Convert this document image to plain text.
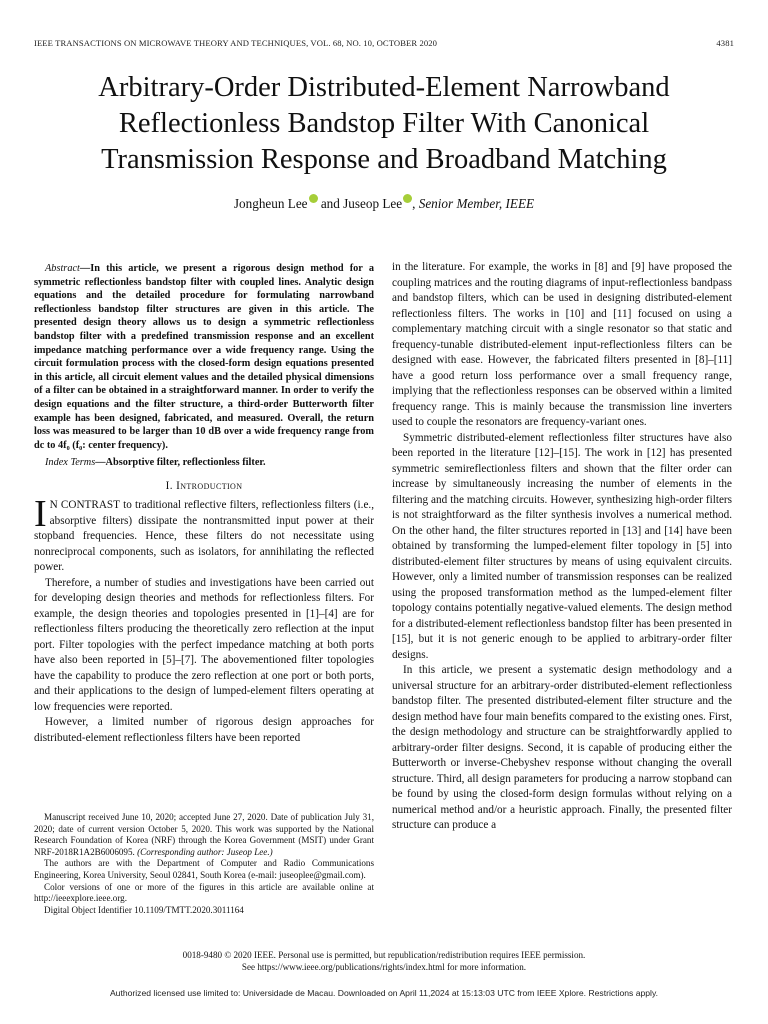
IEEE TRANSACTIONS ON MICROWAVE THEORY AND TECHNIQUES, VOL. 68, NO. 10, OCTOBER 2020	4381
Arbitrary-Order Distributed-Element Narrowband
Reflectionless Bandstop Filter With Canonical
Transmission Response and Broadband Matching
Jongheun Lee and Juseop Lee , Senior Member, IEEE

Abstract—In this article, we present a rigorous design method for a symmetric reflectionless bandstop filter with coupled lines. Analytic design equations and the detailed procedure for formulating narrowband reflectionless bandstop filter structures are given in this article. The presented design theory allows us to design a symmetric reflectionless bandstop filter with a predefined transmission response and an excellent impedance matching performance over a wide frequency range. Using the circuit formulation process with the closed-form design equations presented in this article, all circuit element values and the detailed physical dimensions of a filter can be obtained in a straightforward manner. In order to verify the design equations and the filter structure, a third-order Butterworth filter example has been designed, fabricated, and measured. Overall, the return loss was measured to be larger than 10 dB over a wide frequency range from dc to 4f₀ (f₀: center frequency).

Index Terms—Absorptive filter, reflectionless filter.

I. Introduction

I N CONTRAST to traditional reflective filters, reflectionless filters (i.e., absorptive filters) dissipate the nontransmitted input power at their stopband frequencies. Hence, these filters do not necessitate using nonreciprocal components, such as isolators, for annihilating the reflected power.

Therefore, a number of studies and investigations have been carried out for developing design theories and methods for reflectionless filters. For example, the design theories and topologies presented in [1]–[4] are for reflectionless filters producing the theoretically zero reflection at the input port. Filter topologies with the perfect impedance matching at both ports have also been reported in [5]–[7]. The abovementioned filter topologies have the capability to produce the zero reflection at one port or both ports, and their applications to the design of lumped-element filters operating at low frequencies were reported.

However, a limited number of rigorous design approaches for distributed-element reflectionless filters have been reported

in the literature. For example, the works in [8] and [9] have proposed the coupling matrices and the routing diagrams of input-reflectionless bandpass and bandstop filters, which can be used in designing distributed-element reflectionless filters. The works in [10] and [11] focused on using a complementary matching circuit with a single resonator so that static and frequency-tunable distributed-element input-reflectionless filters can be designed with ease. However, the fabricated filters presented in [8]–[11] have a good return loss performance over a small frequency range, implying that the reflectionless responses can be observed within a limited frequency range. This is mainly because the transmission line inverters used to couple the resonators are frequency-variant ones.

Symmetric distributed-element reflectionless filter structures have also been reported in the literature [12]–[15]. The work in [12] has presented symmetric semireflectionless filters and shown that the filter order can increase by simultaneously increasing the number of elements in the filtering and the matching circuits. However, synthesizing high-order filters is not straightforward as the filter synthesis involves a numerical method. On the other hand, the filter structures reported in [13] and [14] have been obtained by transforming the lumped-element filter topology in [5] into distributed-element filter structures by means of using equivalent circuits. However, only a limited number of transmission responses can be realized using the proposed transformation method as the lumped-element filter topology contains potentially negative-valued elements. The design method for a distributed-element reflectionless bandstop filter has been presented in [15], but it is not generic enough to be applied to arbitrary-order filter designs.

In this article, we present a systematic design methodology and a universal structure for an arbitrary-order distributed-element reflectionless bandstop filter. The presented distributed-element filter structure and the design method have four main benefits compared to the existing ones. First, the design methodology and structure can be straightforwardly applied to arbitrary-order filter designs. Second, it is capable of producing either the Butterworth or inverse-Chebyshev response without changing the overall structure. Third, all design parameters for producing a narrow stopband can be found by using the closed-form design formulas without relying on a numerical method and/or a heuristic approach. Finally, the presented filter structure can produce a

Manuscript received June 10, 2020; accepted June 27, 2020. Date of publication July 31, 2020; date of current version October 5, 2020. This work was supported by the National Research Foundation of Korea (NRF) through the Korea Government (MSIT) under Grant NRF-2018R1A2B6006095. (Corresponding author: Juseop Lee.)

The authors are with the Department of Computer and Radio Communications Engineering, Korea University, Seoul 02841, South Korea (e-mail: juseoplee@gmail.com).

Color versions of one or more of the figures in this article are available online at http://ieeexplore.ieee.org.

Digital Object Identifier 10.1109/TMTT.2020.3011164

0018-9480 © 2020 IEEE. Personal use is permitted, but republication/redistribution requires IEEE permission.
See https://www.ieee.org/publications/rights/index.html for more information.
Authorized licensed use limited to: Universidade de Macau. Downloaded on April 11,2024 at 15:13:03 UTC from IEEE Xplore. Restrictions apply.
